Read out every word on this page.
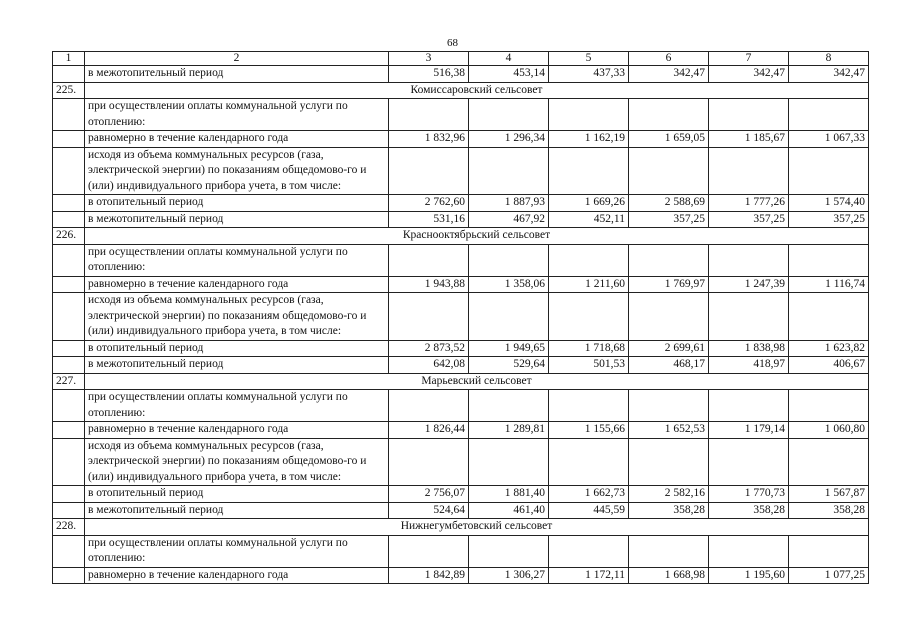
68
1	2	3	4	5	6	7	8
	в межотопительный период	516,38	453,14	437,33	342,47	342,47	342,47
225.	Комиссаровский сельсовет						
	при осуществлении оплаты коммунальной услуги по отоплению:						
	равномерно в течение календарного года	1 832,96	1 296,34	1 162,19	1 659,05	1 185,67	1 067,33
	исходя из объема коммунальных ресурсов (газа, электрической энергии) по показаниям общедомово-го и (или) индивидуального прибора учета, в том числе:						
	в отопительный период	2 762,60	1 887,93	1 669,26	2 588,69	1 777,26	1 574,40
	в межотопительный период	531,16	467,92	452,11	357,25	357,25	357,25
226.	Краснооктябрьский сельсовет						
	при осуществлении оплаты коммунальной услуги по отоплению:						
	равномерно в течение календарного года	1 943,88	1 358,06	1 211,60	1 769,97	1 247,39	1 116,74
	исходя из объема коммунальных ресурсов (газа, электрической энергии) по показаниям общедомово-го и (или) индивидуального прибора учета, в том числе:						
	в отопительный период	2 873,52	1 949,65	1 718,68	2 699,61	1 838,98	1 623,82
	в межотопительный период	642,08	529,64	501,53	468,17	418,97	406,67
227.	Марьевский сельсовет						
	при осуществлении оплаты коммунальной услуги по отоплению:						
	равномерно в течение календарного года	1 826,44	1 289,81	1 155,66	1 652,53	1 179,14	1 060,80
	исходя из объема коммунальных ресурсов (газа, электрической энергии) по показаниям общедомово-го и (или) индивидуального прибора учета, в том числе:						
	в отопительный период	2 756,07	1 881,40	1 662,73	2 582,16	1 770,73	1 567,87
	в межотопительный период	524,64	461,40	445,59	358,28	358,28	358,28
228.	Нижнегумбетовский сельсовет						
	при осуществлении оплаты коммунальной услуги по отоплению:						
	равномерно в течение календарного года	1 842,89	1 306,27	1 172,11	1 668,98	1 195,60	1 077,25
